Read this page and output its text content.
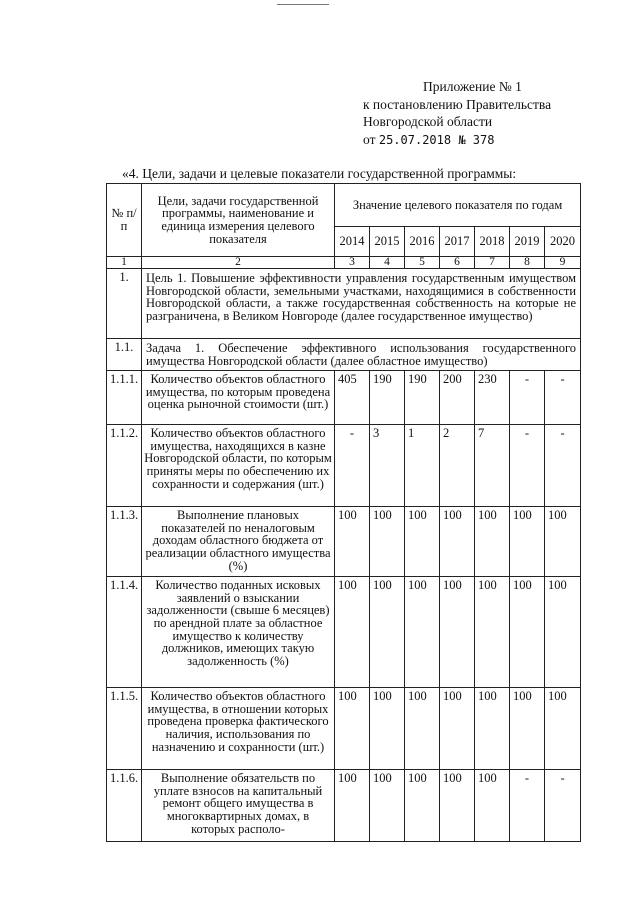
Приложение № 1
к постановлению Правительства
Новгородской области
от 25.07.2018 № 378
«4. Цели, задачи и целевые показатели государственной программы:
№ п/п	Цели, задачи государственной программы, наименование и единица измерения целевого показателя	Значение целевого показателя по годам						
		2014	2015	2016	2017	2018	2019	2020
1	2	3	4	5	6	7	8	9
1.	Цель 1. Повышение эффективности управления государственным имуществом Новгородской области, земельными участками, находящимися в собственности Новгородской области, а также государственная собственность на которые не разграничена, в Великом Новгороде (далее государственное имущество)							
1.1.	Задача 1. Обеспечение эффективного использования государственного имущества Новгородской области (далее областное имущество)							
1.1.1.	Количество объектов областного имущества, по которым проведена оценка рыночной стоимости (шт.)	405	190	190	200	230	-	-
1.1.2.	Количество объектов областного имущества, находящихся в казне Новгородской области, по которым приняты меры по обеспечению их сохранности и содержания (шт.)	-	3	1	2	7	-	-
1.1.3.	Выполнение плановых показателей по неналоговым доходам областного бюджета от реализации областного имущества (%)	100	100	100	100	100	100	100
1.1.4.	Количество поданных исковых заявлений о взыскании задолженности (свыше 6 месяцев) по арендной плате за областное имущество к количеству должников, имеющих такую задолженность (%)	100	100	100	100	100	100	100
1.1.5.	Количество объектов областного имущества, в отношении которых проведена проверка фактического наличия, использования по назначению и сохранности (шт.)	100	100	100	100	100	100	100
1.1.6.	Выполнение обязательств по уплате взносов на капитальный ремонт общего имущества в многоквартирных домах, в которых располо-	100	100	100	100	100	-	-
